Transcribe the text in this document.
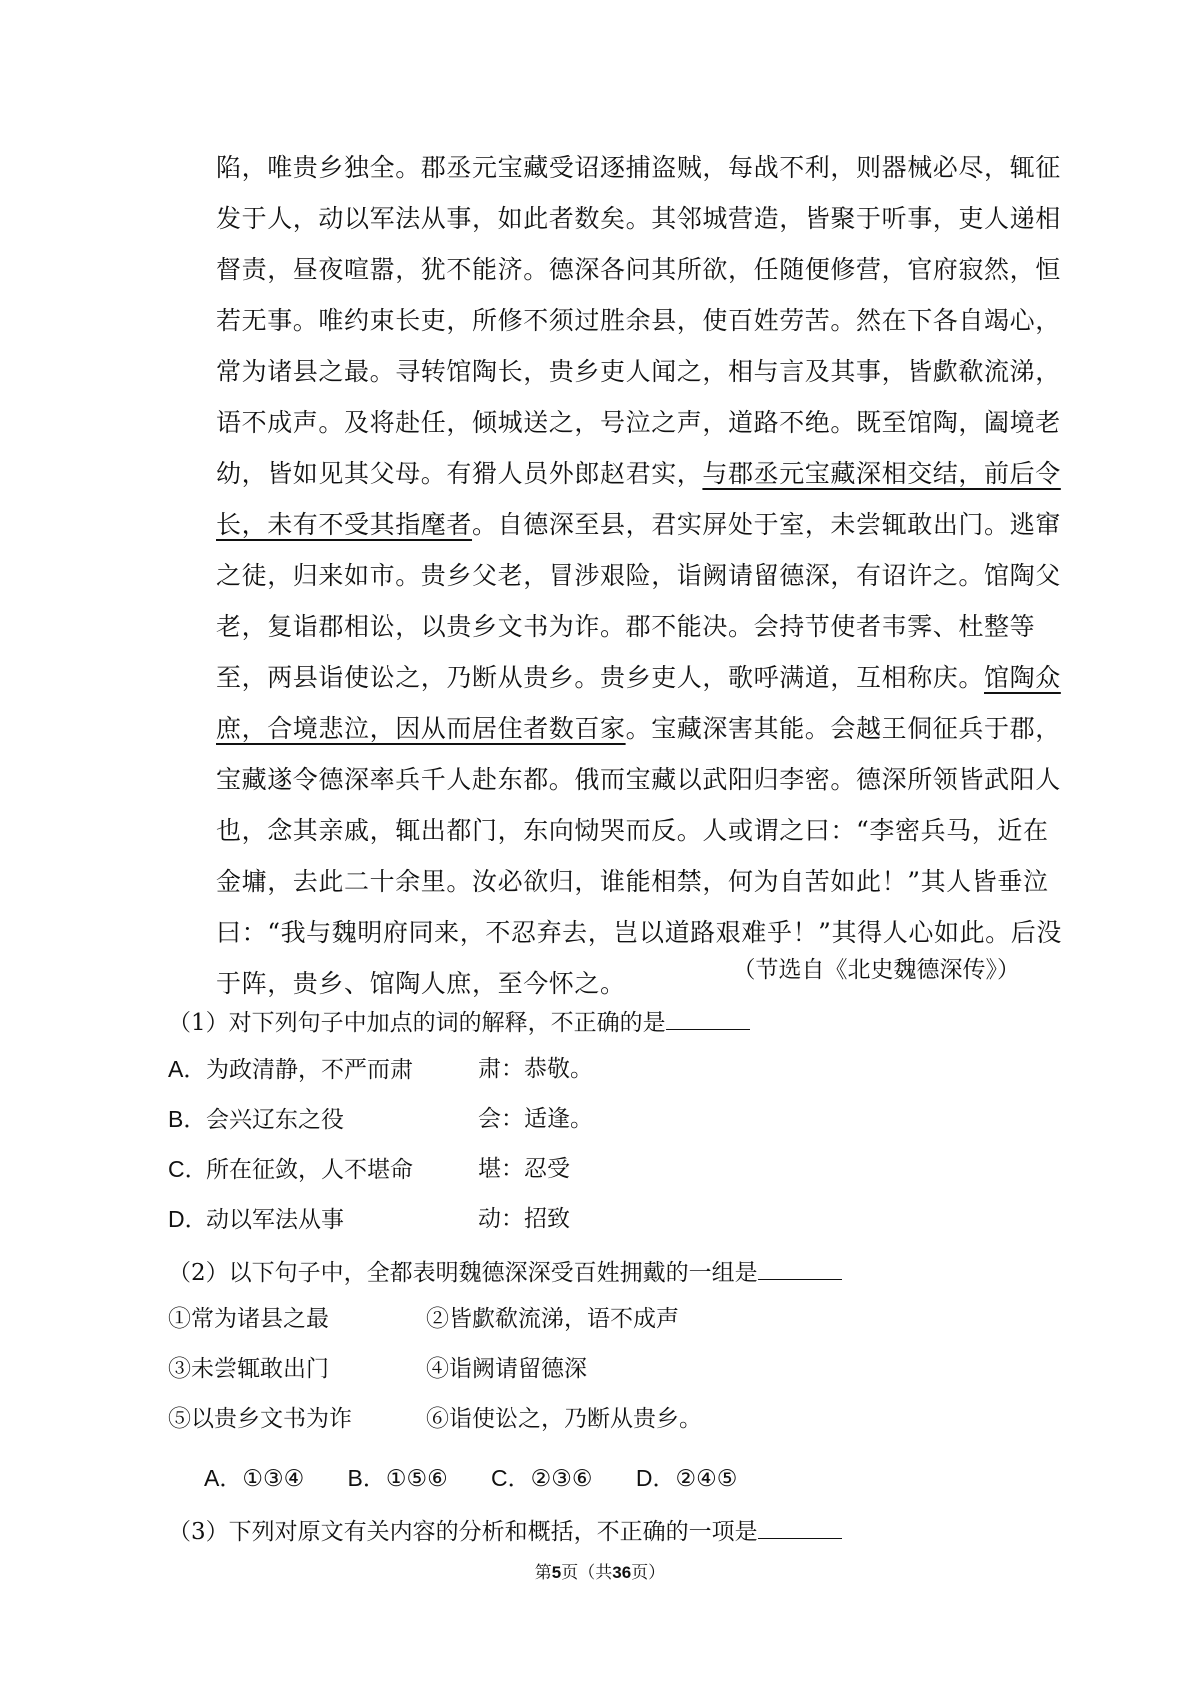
陷，唯贵乡独全。郡丞元宝藏受诏逐捕盗贼，每战不利，则器械必尽，辄征
发于人，动以军法从事，如此者数矣。其邻城营造，皆聚于听事，吏人递相
督责，昼夜喧嚣，犹不能济。德深各问其所欲，任随便修营，官府寂然，恒
若无事。唯约束长吏，所修不须过胜余县，使百姓劳苦。然在下各自竭心，
常为诸县之最。寻转馆陶长，贵乡吏人闻之，相与言及其事，皆歔欷流涕，
语不成声。及将赴任，倾城送之，号泣之声，道路不绝。既至馆陶，阖境老
幼，皆如见其父母。有猾人员外郎赵君实，与郡丞元宝藏深相交结，前后令
长，未有不受其指麾者。自德深至县，君实屏处于室，未尝辄敢出门。逃窜
之徒，归来如市。贵乡父老，冒涉艰险，诣阙请留德深，有诏许之。馆陶父
老，复诣郡相讼，以贵乡文书为诈。郡不能决。会持节使者韦霁、杜整等
至，两县诣使讼之，乃断从贵乡。贵乡吏人，歌呼满道，互相称庆。馆陶众
庶，合境悲泣，因从而居住者数百家。宝藏深害其能。会越王侗征兵于郡，
宝藏遂令德深率兵千人赴东都。俄而宝藏以武阳归李密。德深所领皆武阳人
也，念其亲戚，辄出都门，东向恸哭而反。人或谓之曰：“李密兵马，近在
金墉，去此二十余里。汝必欲归，谁能相禁，何为自苦如此！”其人皆垂泣
曰：“我与魏明府同来，不忍弃去，岂以道路艰难乎！”其得人心如此。后没
于阵，贵乡、馆陶人庶，至今怀之。	（节选自《北史魏德深传》）
（1）对下列句子中加点的词的解释，不正确的是
A．为政清静，不严而肃	肃：恭敬。
B．会兴辽东之役	会：适逢。
C．所在征敛，人不堪命	堪：忍受
D．动以军法从事	动：招致
（2）以下句子中，全都表明魏德深深受百姓拥戴的一组是
①常为诸县之最	②皆歔欷流涕，语不成声
③未尝辄敢出门	④诣阙请留德深
⑤以贵乡文书为诈	⑥诣使讼之，乃断从贵乡。
A．①③④ B．①⑤⑥ C．②③⑥ D．②④⑤
（3）下列对原文有关内容的分析和概括，不正确的一项是
第5页（共36页）
